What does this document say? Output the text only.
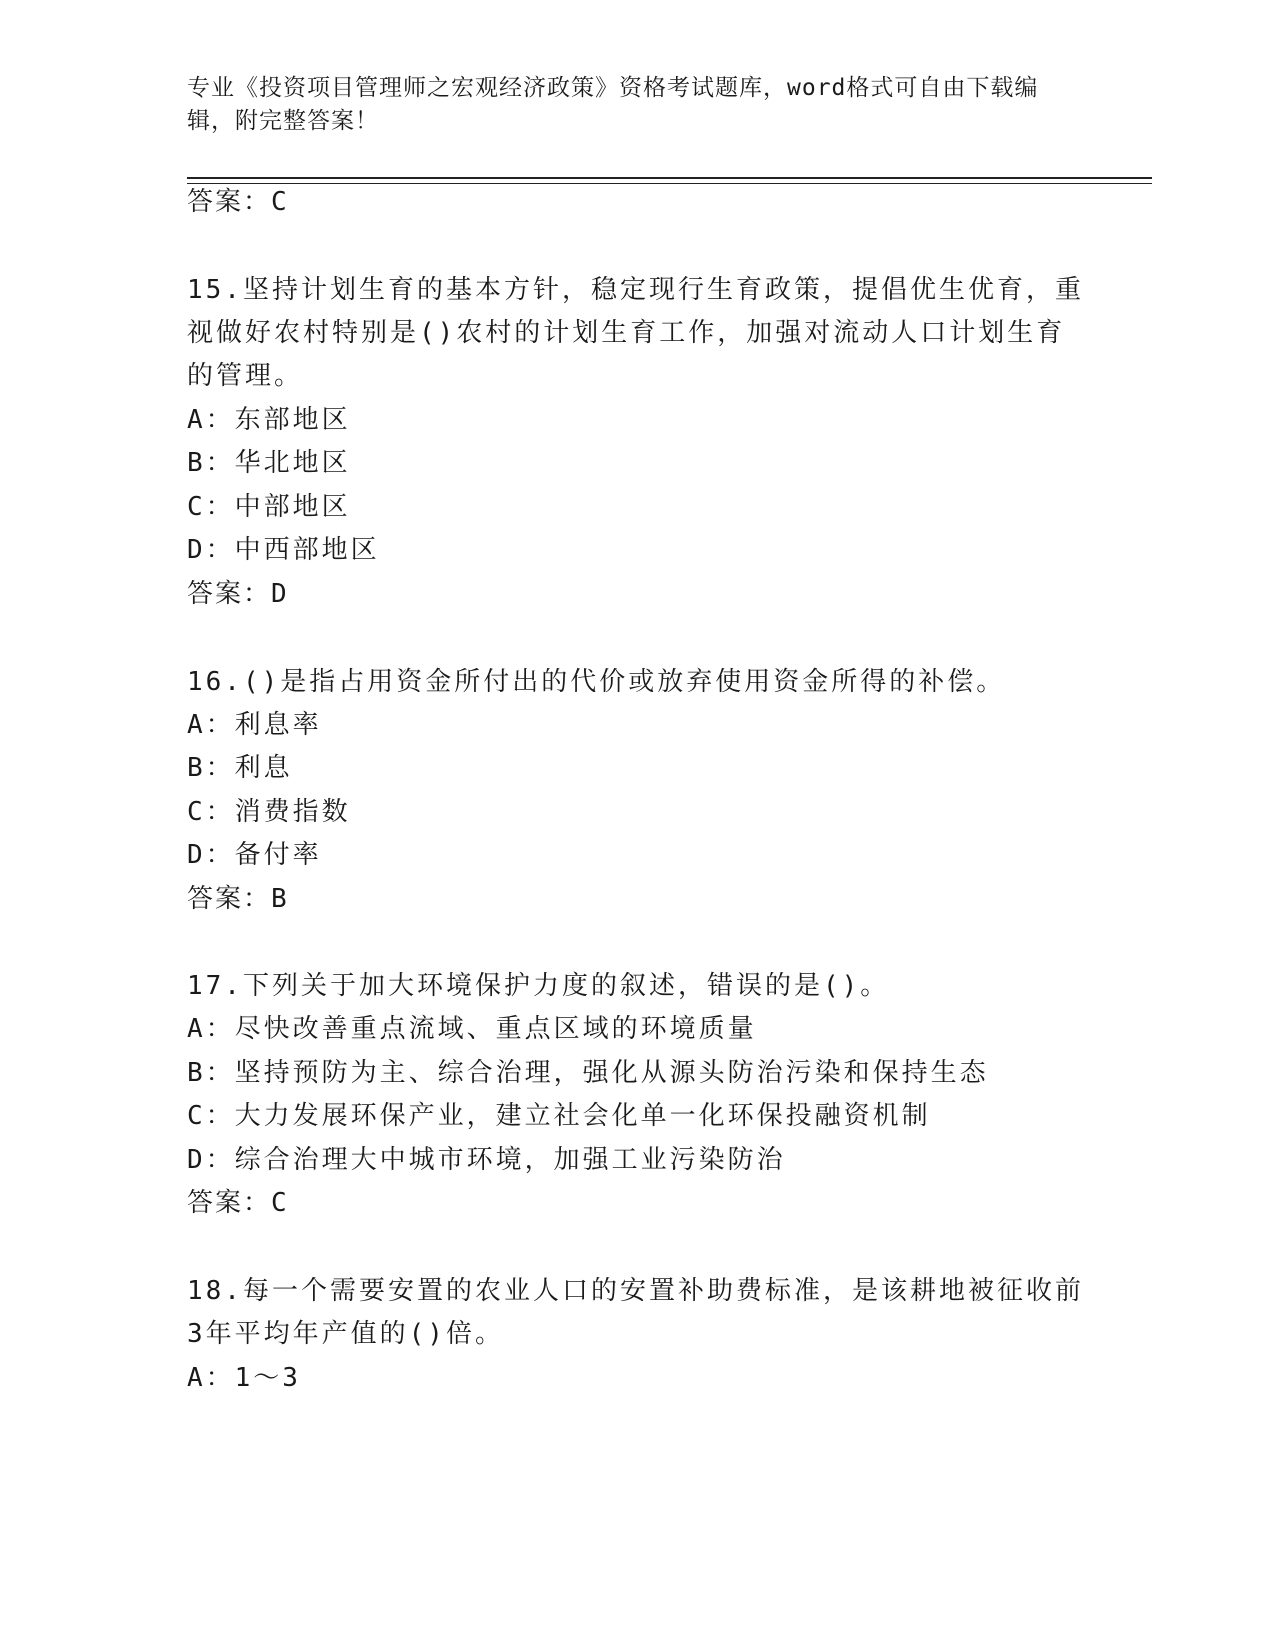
专业《投资项目管理师之宏观经济政策》资格考试题库，word格式可自由下载编辑，附完整答案！
答案：C
15.坚持计划生育的基本方针，稳定现行生育政策，提倡优生优育，重
视做好农村特别是()农村的计划生育工作，加强对流动人口计划生育
的管理。
A：东部地区
B：华北地区
C：中部地区
D：中西部地区
答案：D
16.()是指占用资金所付出的代价或放弃使用资金所得的补偿。
A：利息率
B：利息
C：消费指数
D：备付率
答案：B
17.下列关于加大环境保护力度的叙述，错误的是()。
A：尽快改善重点流域、重点区域的环境质量
B：坚持预防为主、综合治理，强化从源头防治污染和保持生态
C：大力发展环保产业，建立社会化单一化环保投融资机制
D：综合治理大中城市环境，加强工业污染防治
答案：C
18.每一个需要安置的农业人口的安置补助费标准，是该耕地被征收前
3年平均年产值的()倍。
A：1～3
